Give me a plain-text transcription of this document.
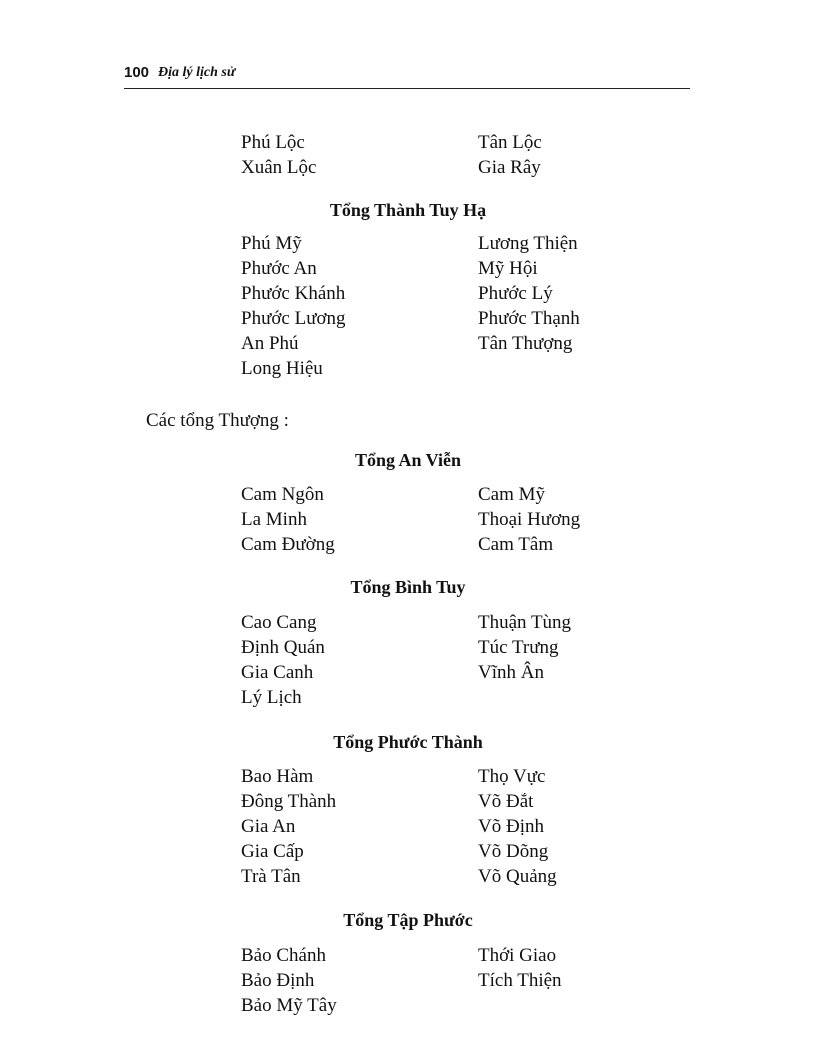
100 Địa lý lịch sử
Phú Lộc	Tân Lộc
Xuân Lộc	Gia Rây
Tổng Thành Tuy Hạ
Phú Mỹ	Lương Thiện
Phước An	Mỹ Hội
Phước Khánh	Phước Lý
Phước Lương	Phước Thạnh
An Phú	Tân Thượng
Long Hiệu
Các tổng Thượng :
Tổng An Viễn
Cam Ngôn	Cam Mỹ
La Minh	Thoại Hương
Cam Đường	Cam Tâm
Tổng Bình Tuy
Cao Cang	Thuận Tùng
Định Quán	Túc Trưng
Gia Canh	Vĩnh Ân
Lý Lịch
Tổng Phước Thành
Bao Hàm	Thọ Vực
Đông Thành	Võ Đắt
Gia An	Võ Định
Gia Cấp	Võ Dõng
Trà Tân	Võ Quảng
Tổng Tập Phước
Bảo Chánh	Thới Giao
Bảo Định	Tích Thiện
Bảo Mỹ Tây
